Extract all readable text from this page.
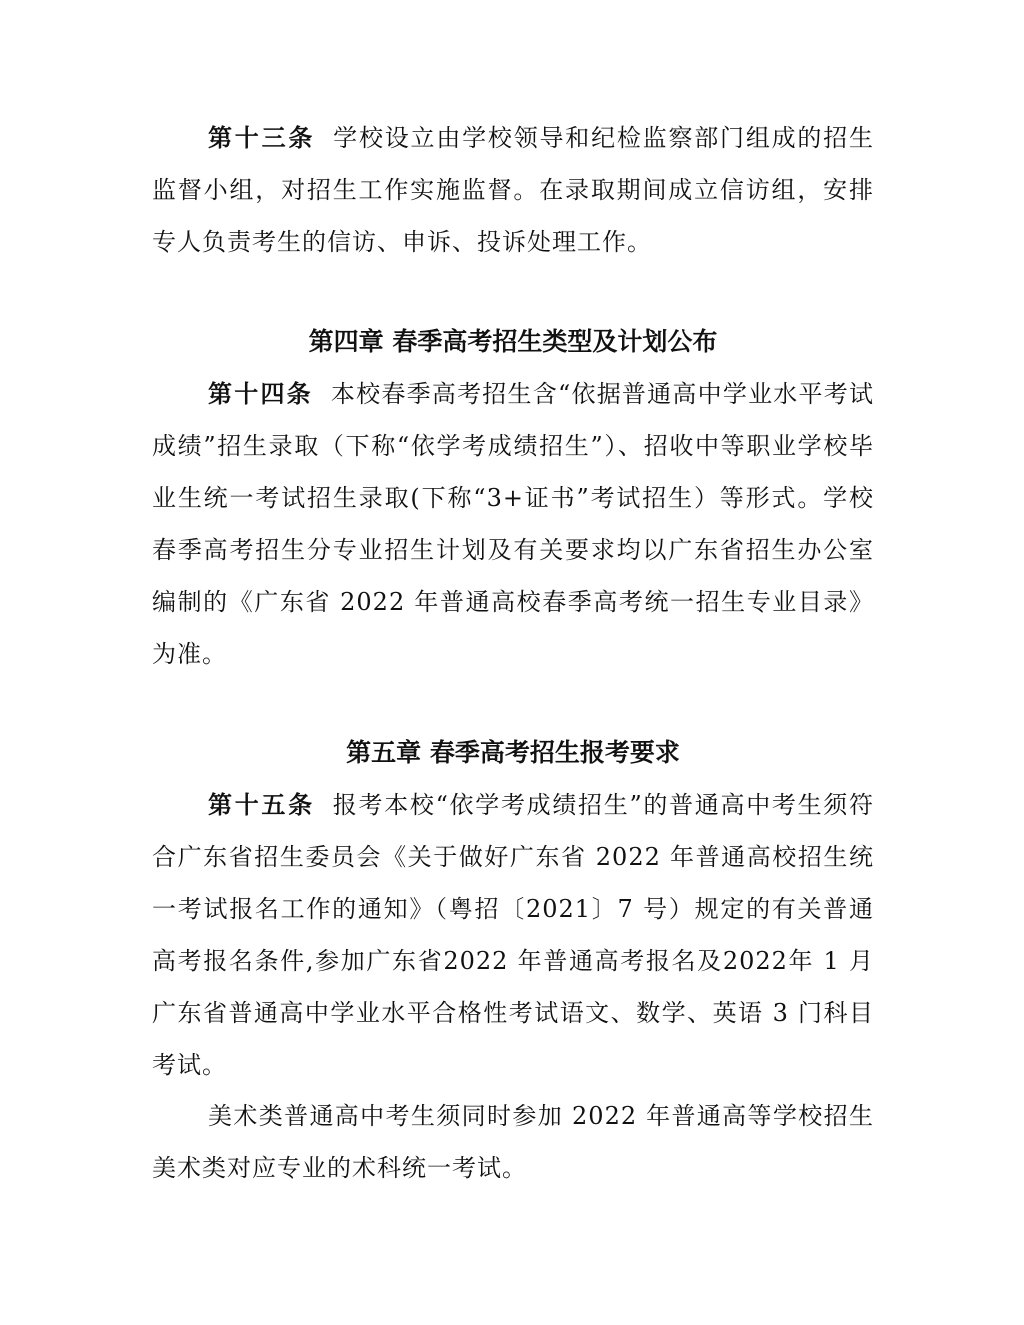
第十三条 学校设立由学校领导和纪检监察部门组成的招生监督小组，对招生工作实施监督。在录取期间成立信访组，安排专人负责考生的信访、申诉、投诉处理工作。

第四章 春季高考招生类型及计划公布

第十四条 本校春季高考招生含“依据普通高中学业水平考试成绩”招生录取（下称“依学考成绩招生”）、招收中等职业学校毕业生统一考试招生录取(下称“3+证书”考试招生）等形式。学校春季高考招生分专业招生计划及有关要求均以广东省招生办公室编制的《广东省 2022 年普通高校春季高考统一招生专业目录》为准。

第五章 春季高考招生报考要求

第十五条 报考本校“依学考成绩招生”的普通高中考生须符合广东省招生委员会《关于做好广东省 2022 年普通高校招生统一考试报名工作的通知》（粤招〔2021〕7 号）规定的有关普通高考报名条件,参加广东省2022 年普通高考报名及2022年 1 月广东省普通高中学业水平合格性考试语文、数学、英语 3 门科目考试。

美术类普通高中考生须同时参加 2022 年普通高等学校招生美术类对应专业的术科统一考试。
